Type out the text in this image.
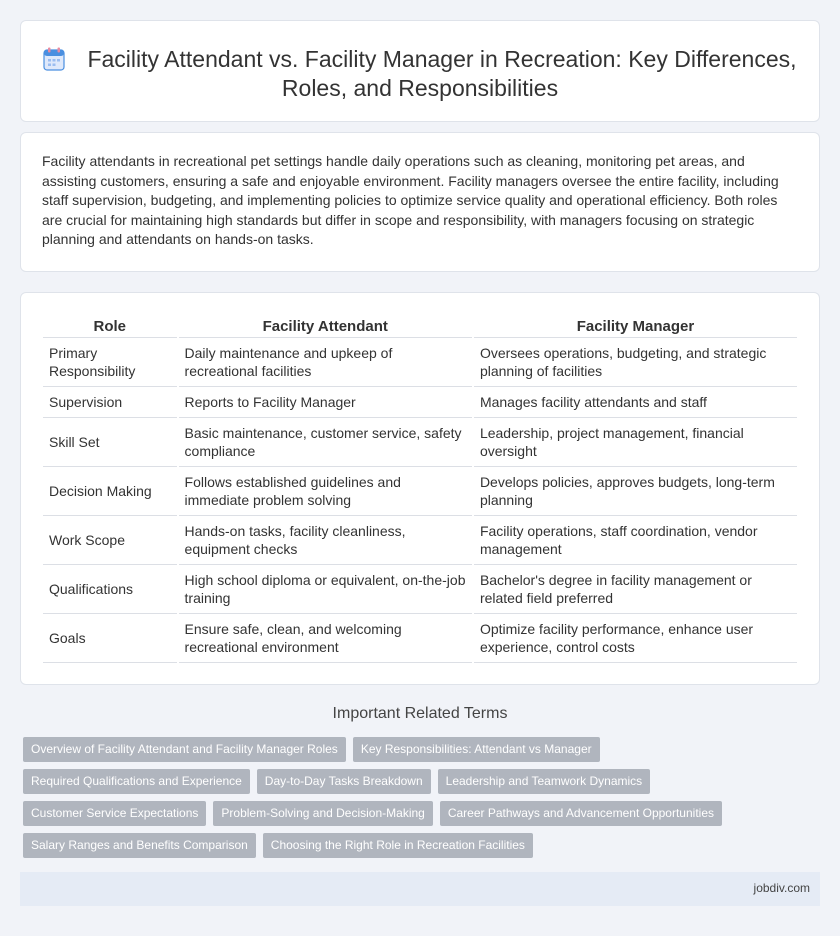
Facility Attendant vs. Facility Manager in Recreation: Key Differences, Roles, and Responsibilities

Facility attendants in recreational pet settings handle daily operations such as cleaning, monitoring pet areas, and assisting customers, ensuring a safe and enjoyable environment. Facility managers oversee the entire facility, including staff supervision, budgeting, and implementing policies to optimize service quality and operational efficiency. Both roles are crucial for maintaining high standards but differ in scope and responsibility, with managers focusing on strategic planning and attendants on hands-on tasks.

Role	Facility Attendant	Facility Manager
Primary Responsibility	Daily maintenance and upkeep of recreational facilities	Oversees operations, budgeting, and strategic planning of facilities
Supervision	Reports to Facility Manager	Manages facility attendants and staff
Skill Set	Basic maintenance, customer service, safety compliance	Leadership, project management, financial oversight
Decision Making	Follows established guidelines and immediate problem solving	Develops policies, approves budgets, long-term planning
Work Scope	Hands-on tasks, facility cleanliness, equipment checks	Facility operations, staff coordination, vendor management
Qualifications	High school diploma or equivalent, on-the-job training	Bachelor's degree in facility management or related field preferred
Goals	Ensure safe, clean, and welcoming recreational environment	Optimize facility performance, enhance user experience, control costs
Important Related Terms
Overview of Facility Attendant and Facility Manager Roles	Key Responsibilities: Attendant vs Manager
Required Qualifications and Experience	Day-to-Day Tasks Breakdown	Leadership and Teamwork Dynamics
Customer Service Expectations	Problem-Solving and Decision-Making	Career Pathways and Advancement Opportunities
Salary Ranges and Benefits Comparison	Choosing the Right Role in Recreation Facilities
jobdiv.com
